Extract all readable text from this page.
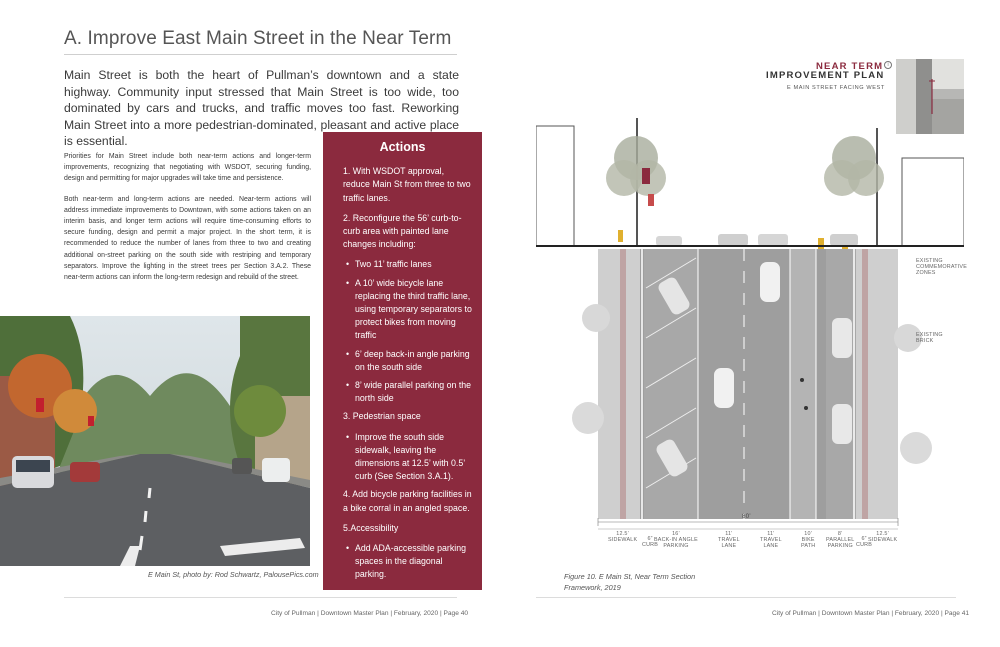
A. Improve East Main Street in the Near Term

Main Street is both the heart of Pullman’s downtown and a state highway. Community input stressed that Main Street is too wide, too dominated by cars and trucks, and traffic moves too fast. Reworking Main Street into a more pedestrian-dominated, pleasant and active place is essential.

Priorities for Main Street include both near-term actions and longer-term improvements, recognizing that negotiating with WSDOT, securing funding, design and permitting for major upgrades will take time and persistence.

Both near-term and long-term actions are needed. Near-term actions will address immediate improvements to Downtown, with some actions taken on an interim basis, and longer term actions will require time-consuming efforts to secure funding, design and permit a major project. In the short term, it is recommended to reduce the number of lanes from three to two and creating additional on-street parking on the south side with restriping and temporary separators. Improve the lighting in the street trees per Section 3.A.2. These near-term actions can inform the long-term redesign and rebuild of the street.

Actions
1. With WSDOT approval, reduce Main St from three to two traffic lanes.
2. Reconfigure the 56’ curb-to-curb area with painted lane changes including:
• Two 11’ traffic lanes
• A 10’ wide bicycle lane replacing the third traffic lane, using temporary separators to protect bikes from moving traffic
• 6’ deep back-in angle parking on the south side
• 8’ wide parallel parking on the north side
3. Pedestrian space
• Improve the south side sidewalk, leaving the dimensions at 12.5’ with 0.5’ curb (See Section 3.A.1).
4. Add bicycle parking facilities in a bike corral in an angled space.
5.Accessibility
• Add ADA-accessible parking spaces in the diagonal parking.
E Main St, photo by: Rod Schwartz, PalousePics.com
City of Pullman | Downtown Master Plan | February, 2020 | Page 40
NEAR TERM
IMPROVEMENT PLAN
E MAIN STREET FACING WEST
i
EXISTING
COMMEMORATIVE
ZONES
EXISTING
BRICK
80’
12.5’
SIDEWALK	6”
CURB
16’
BACK-IN ANGLE
PARKING
11’
TRAVEL
LANE
11’
TRAVEL
LANE
10’
BIKE
PATH
8’
PARALLEL
PARKING
6”
CURB
12.5’
SIDEWALK
Figure 10. E Main St, Near Term Section
Framework, 2019
City of Pullman | Downtown Master Plan | February, 2020 | Page 41
